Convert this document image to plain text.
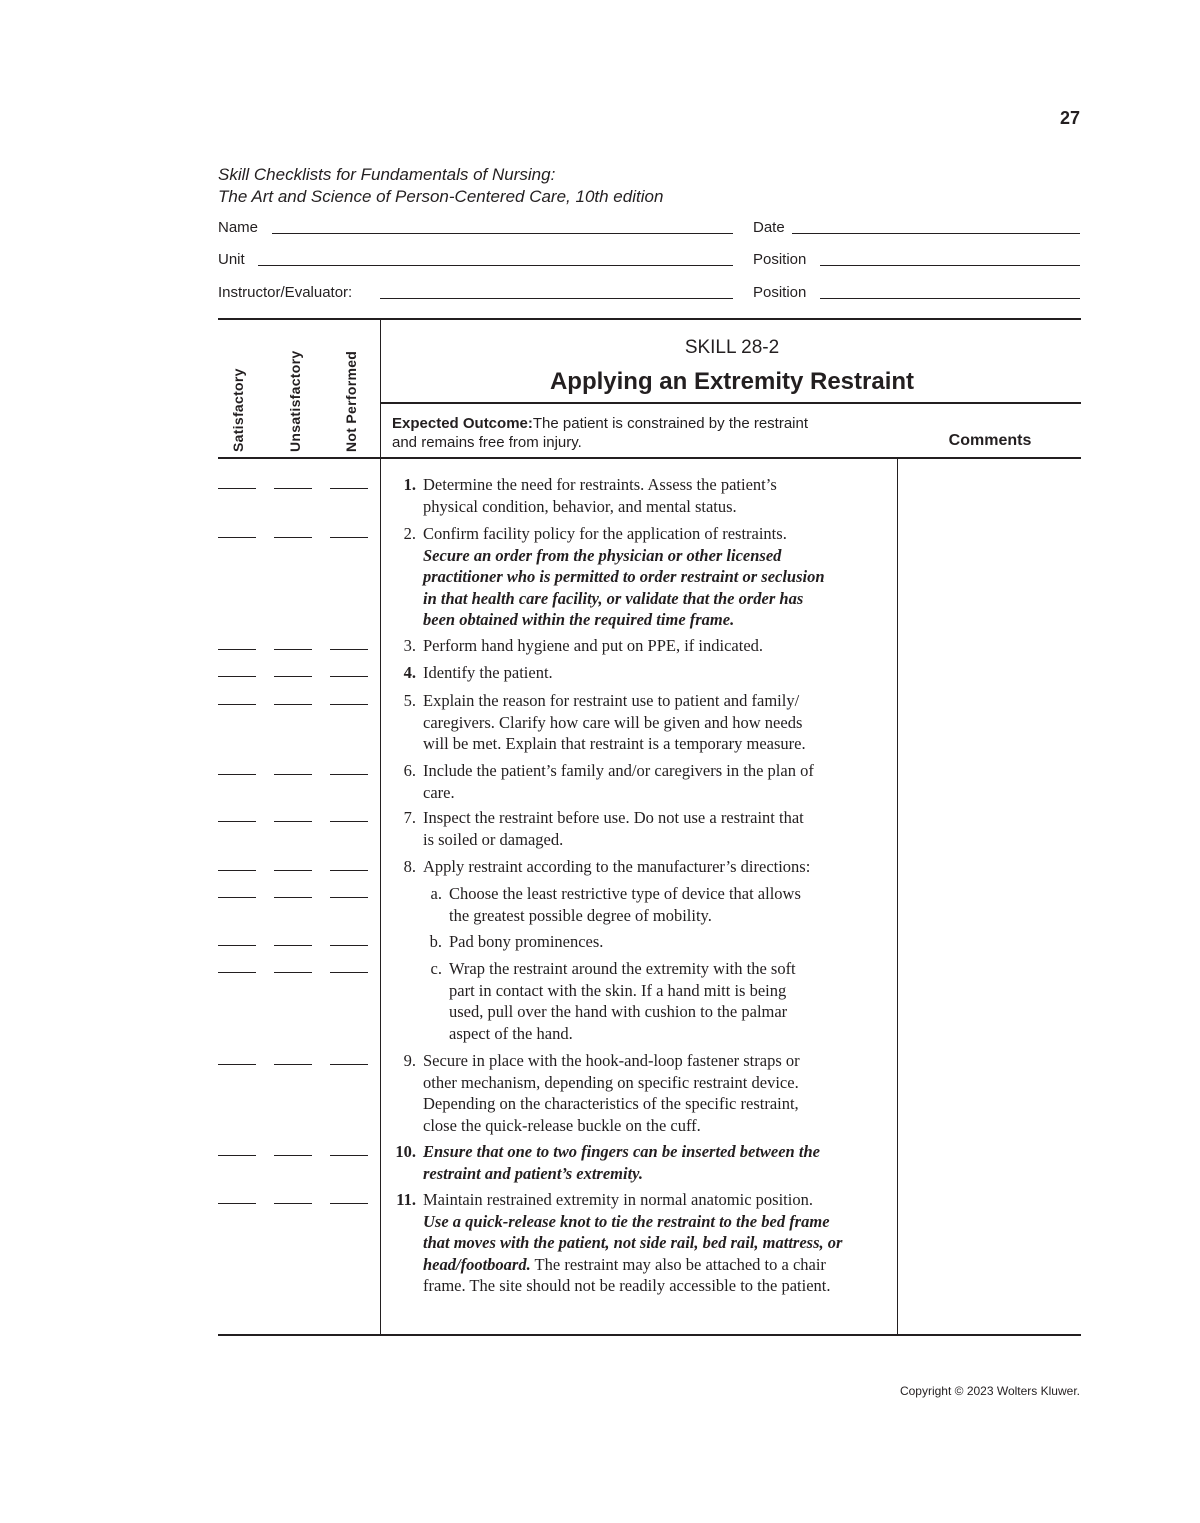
27
Skill Checklists for Fundamentals of Nursing:
The Art and Science of Person-Centered Care, 10th edition
Name	Date
Unit	Position
Instructor/Evaluator:	Position
Satisfactory	Unsatisfactory	Not Performed
SKILL 28-2
Applying an Extremity Restraint
Expected Outcome:The patient is constrained by the restraint
and remains free from injury.	Comments
1. Determine the need for restraints. Assess the patient’s
physical condition, behavior, and mental status.
2. Confirm facility policy for the application of restraints.
Secure an order from the physician or other licensed
practitioner who is permitted to order restraint or seclusion
in that health care facility, or validate that the order has
been obtained within the required time frame.
3. Perform hand hygiene and put on PPE, if indicated.
4. Identify the patient.
5. Explain the reason for restraint use to patient and family/
caregivers. Clarify how care will be given and how needs
will be met. Explain that restraint is a temporary measure.
6. Include the patient’s family and/or caregivers in the plan of
care.
7. Inspect the restraint before use. Do not use a restraint that
is soiled or damaged.
8. Apply restraint according to the manufacturer’s directions:
a. Choose the least restrictive type of device that allows
the greatest possible degree of mobility.
b. Pad bony prominences.
c. Wrap the restraint around the extremity with the soft
part in contact with the skin. If a hand mitt is being
used, pull over the hand with cushion to the palmar
aspect of the hand.
9. Secure in place with the hook-and-loop fastener straps or
other mechanism, depending on specific restraint device.
Depending on the characteristics of the specific restraint,
close the quick-release buckle on the cuff.
10. Ensure that one to two fingers can be inserted between the
restraint and patient’s extremity.
11. Maintain restrained extremity in normal anatomic position.
Use a quick-release knot to tie the restraint to the bed frame
that moves with the patient, not side rail, bed rail, mattress, or
head/footboard. The restraint may also be attached to a chair
frame. The site should not be readily accessible to the patient.
Copyright © 2023 Wolters Kluwer.
